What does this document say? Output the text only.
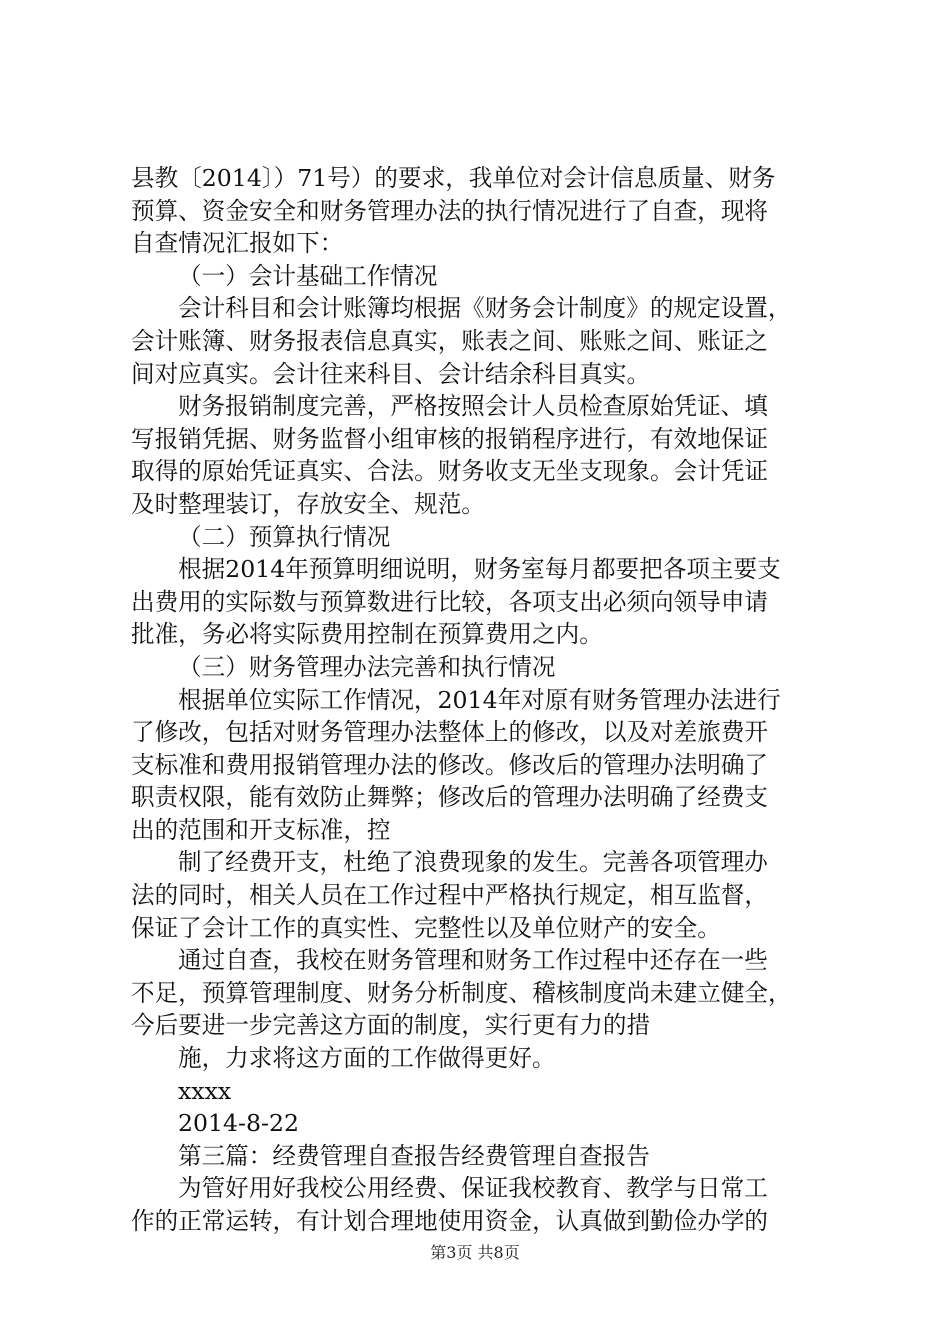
县教〔2014〕）71号）的要求，我单位对会计信息质量、财务
预算、资金安全和财务管理办法的执行情况进行了自查，现将
自查情况汇报如下：
（一）会计基础工作情况
会计科目和会计账簿均根据《财务会计制度》的规定设置，
会计账簿、财务报表信息真实，账表之间、账账之间、账证之
间对应真实。会计往来科目、会计结余科目真实。
财务报销制度完善，严格按照会计人员检查原始凭证、填
写报销凭据、财务监督小组审核的报销程序进行，有效地保证
取得的原始凭证真实、合法。财务收支无坐支现象。会计凭证
及时整理装订，存放安全、规范。
（二）预算执行情况
根据2014年预算明细说明，财务室每月都要把各项主要支
出费用的实际数与预算数进行比较，各项支出必须向领导申请
批准，务必将实际费用控制在预算费用之内。
（三）财务管理办法完善和执行情况
根据单位实际工作情况，2014年对原有财务管理办法进行
了修改，包括对财务管理办法整体上的修改，以及对差旅费开
支标准和费用报销管理办法的修改。修改后的管理办法明确了
职责权限，能有效防止舞弊；修改后的管理办法明确了经费支
出的范围和开支标准，控
制了经费开支，杜绝了浪费现象的发生。完善各项管理办
法的同时，相关人员在工作过程中严格执行规定，相互监督，
保证了会计工作的真实性、完整性以及单位财产的安全。
通过自查，我校在财务管理和财务工作过程中还存在一些
不足，预算管理制度、财务分析制度、稽核制度尚未建立健全，
今后要进一步完善这方面的制度，实行更有力的措
施，力求将这方面的工作做得更好。
xxxx
2014-8-22
第三篇：经费管理自查报告经费管理自查报告
为管好用好我校公用经费、保证我校教育、教学与日常工
作的正常运转，有计划合理地使用资金，认真做到勤俭办学的
第3页 共8页
